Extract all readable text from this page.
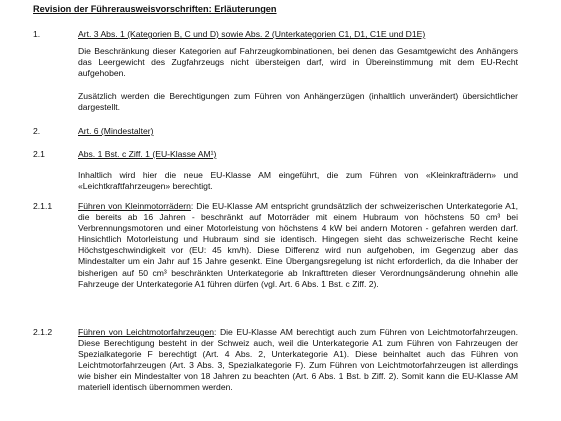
Revision der Führerausweisvorschriften: Erläuterungen
1.	Art. 3 Abs. 1 (Kategorien B, C und D) sowie Abs. 2 (Unterkategorien C1, D1, C1E und D1E)
Die Beschränkung dieser Kategorien auf Fahrzeugkombinationen, bei denen das Gesamtgewicht des Anhängers das Leergewicht des Zugfahrzeugs nicht übersteigen darf, wird in Übereinstimmung mit dem EU-Recht aufgehoben.
Zusätzlich werden die Berechtigungen zum Führen von Anhängerzügen (inhaltlich unverändert) übersichtlicher dargestellt.
2.	Art. 6 (Mindestalter)
2.1	Abs. 1 Bst. c Ziff. 1 (EU-Klasse AM¹)
Inhaltlich wird hier die neue EU-Klasse AM eingeführt, die zum Führen von «Kleinkrafträdern» und «Leichtkraftfahrzeugen» berechtigt.
2.1.1	Führen von Kleinmotorrädern: Die EU-Klasse AM entspricht grundsätzlich der schweizerischen Unterkategorie A1, die bereits ab 16 Jahren - beschränkt auf Motorräder mit einem Hubraum von höchstens 50 cm³ bei Verbrennungsmotoren und einer Motorleistung von höchstens 4 kW bei andern Motoren - gefahren werden darf. Hinsichtlich Motorleistung und Hubraum sind sie identisch. Hingegen sieht das schweizerische Recht keine Höchstgeschwindigkeit vor (EU: 45 km/h). Diese Differenz wird nun aufgehoben, im Gegenzug aber das Mindestalter um ein Jahr auf 15 Jahre gesenkt. Eine Übergangsregelung ist nicht erforderlich, da die Inhaber der bisherigen auf 50 cm³ beschränkten Unterkategorie ab Inkrafttreten dieser Verordnungsänderung ohnehin alle Fahrzeuge der Unterkategorie A1 führen dürfen (vgl. Art. 6 Abs. 1 Bst. c Ziff. 2).
2.1.2	Führen von Leichtmotorfahrzeugen: Die EU-Klasse AM berechtigt auch zum Führen von Leichtmotorfahrzeugen. Diese Berechtigung besteht in der Schweiz auch, weil die Unterkategorie A1 zum Führen von Fahrzeugen der Spezialkategorie F berechtigt (Art. 4 Abs. 2, Unterkategorie A1). Diese beinhaltet auch das Führen von Leichtmotorfahrzeugen (Art. 3 Abs. 3, Spezialkategorie F). Zum Führen von Leichtmotorfahrzeugen ist allerdings wie bisher ein Mindestalter von 18 Jahren zu beachten (Art. 6 Abs. 1 Bst. b Ziff. 2). Somit kann die EU-Klasse AM materiell identisch übernommen werden.
